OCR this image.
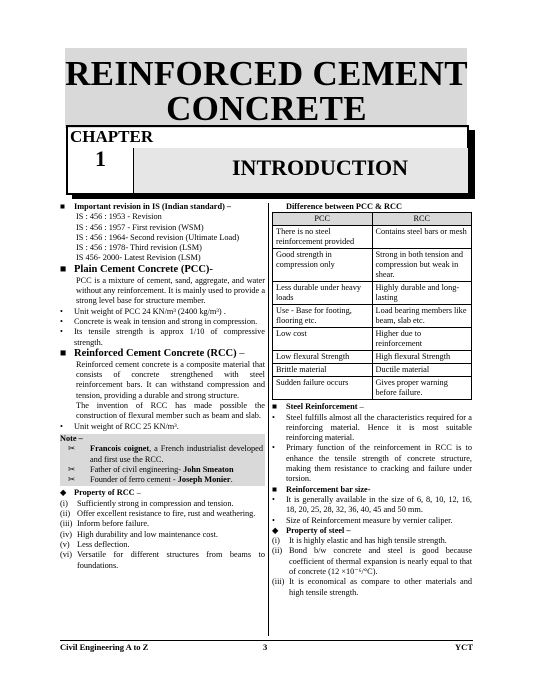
REINFORCED CEMENT
CONCRETE
CHAPTER
1	INTRODUCTION
■	Important revision in IS (Indian standard) –

IS : 456 : 1953 - Revision

IS : 456 : 1957 - First revision (WSM)

IS : 456 : 1964- Second revision (Ultimate Load)

IS : 456 : 1978- Third revision (LSM)

IS 456- 2000- Latest Revision (LSM)

■ Plain Cement Concrete (PCC)-

PCC is a mixture of cement, sand, aggregate, and water without any reinforcement. It is mainly used to provide a strong level base for structure member.

•	Unit weight of PCC 24 KN/m³ (2400 kg/m³) .
•	Concrete is weak in tension and strong in compression.
•	Its tensile strength is approx 1/10 of compressive strength.
■ Reinforced Cement Concrete (RCC) –

Reinforced cement concrete is a composite material that consists of concrete strengthened with steel reinforcement bars. It can withstand compression and tension, providing a durable and strong structure.

The invention of RCC has made possible the construction of flexural member such as beam and slab.

•	Unit weight of RCC 25 KN/m³.

Note –

✂	Francois coignet, a French industrialist developed and first use the RCC.
✂	Father of civil engineering- John Smeaton
✂	Founder of ferro cement - Joseph Monier.
◆ Property of RCC –
(i)	Sufficiently strong in compression and tension.
(ii) Offer excellent resistance to fire, rust and weathering.
(iii) Inform before failure.
(iv) High durability and low maintenance cost.
(v) Less deflection.
(vi) Versatile for different structures from beams to foundations.

Difference between PCC & RCC

PCC	RCC
There is no steel reinforcement provided	Contains steel bars or mesh
Good strength in compression only	Strong in both tension and compression but weak in shear.
Less durable under heavy loads	Highly durable and long-lasting
Use - Base for footing, flooring etc.	Load bearing members like beam, slab etc.
Low cost	Higher due to reinforcement
Low flexural Strength	High flexural Strength
Brittle material	Ductile material
Sudden failure occurs	Gives proper warning before failure.
■	Steel Reinforcement –
•	Steel fulfills almost all the characteristics required for a reinforcing material. Hence it is most suitable reinforcing material.
•	Primary function of the reinforcement in RCC is to enhance the tensile strength of concrete structure, making them resistance to cracking and failure under torsion.
■	Reinforcement bar size-
•	It is generally available in the size of 6, 8, 10, 12, 16, 18, 20, 25, 28, 32, 36, 40, 45 and 50 mm.
•	Size of Reinforcement measure by vernier caliper.
◆ Property of steel –
(i)	It is highly elastic and has high tensile strength.
(ii) Bond b/w concrete and steel is good because coefficient of thermal expansion is nearly equal to that of concrete (12 ×10⁻⁶/°C).
(iii) It is economical as compare to other materials and high tensile strength.
Civil Engineering A to Z	3	YCT
